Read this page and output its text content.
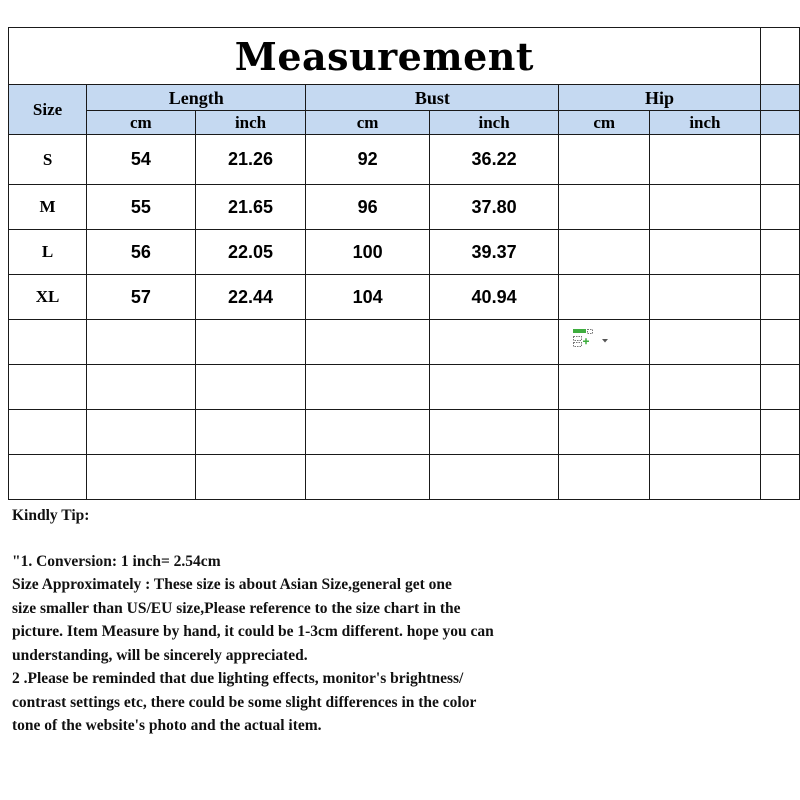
Measurement							
Size	Length		Bust		Hip		
	cm	inch	cm	inch	cm	inch	
S	54	21.26	92	36.22			
M	55	21.65	96	37.80			
L	56	22.05	100	39.37			
XL	57	22.44	104	40.94			

Kindly Tip:

"1. Conversion: 1 inch= 2.54cm

Size Approximately : These size is about Asian Size,general get one

size smaller than US/EU size,Please reference to the size chart in the

picture. Item Measure by hand, it could be 1-3cm different. hope you can

understanding, will be sincerely appreciated.

2 .Please be reminded that due lighting effects, monitor's brightness/

contrast settings etc, there could be some slight differences in the color

tone of the website's photo and the actual item.
